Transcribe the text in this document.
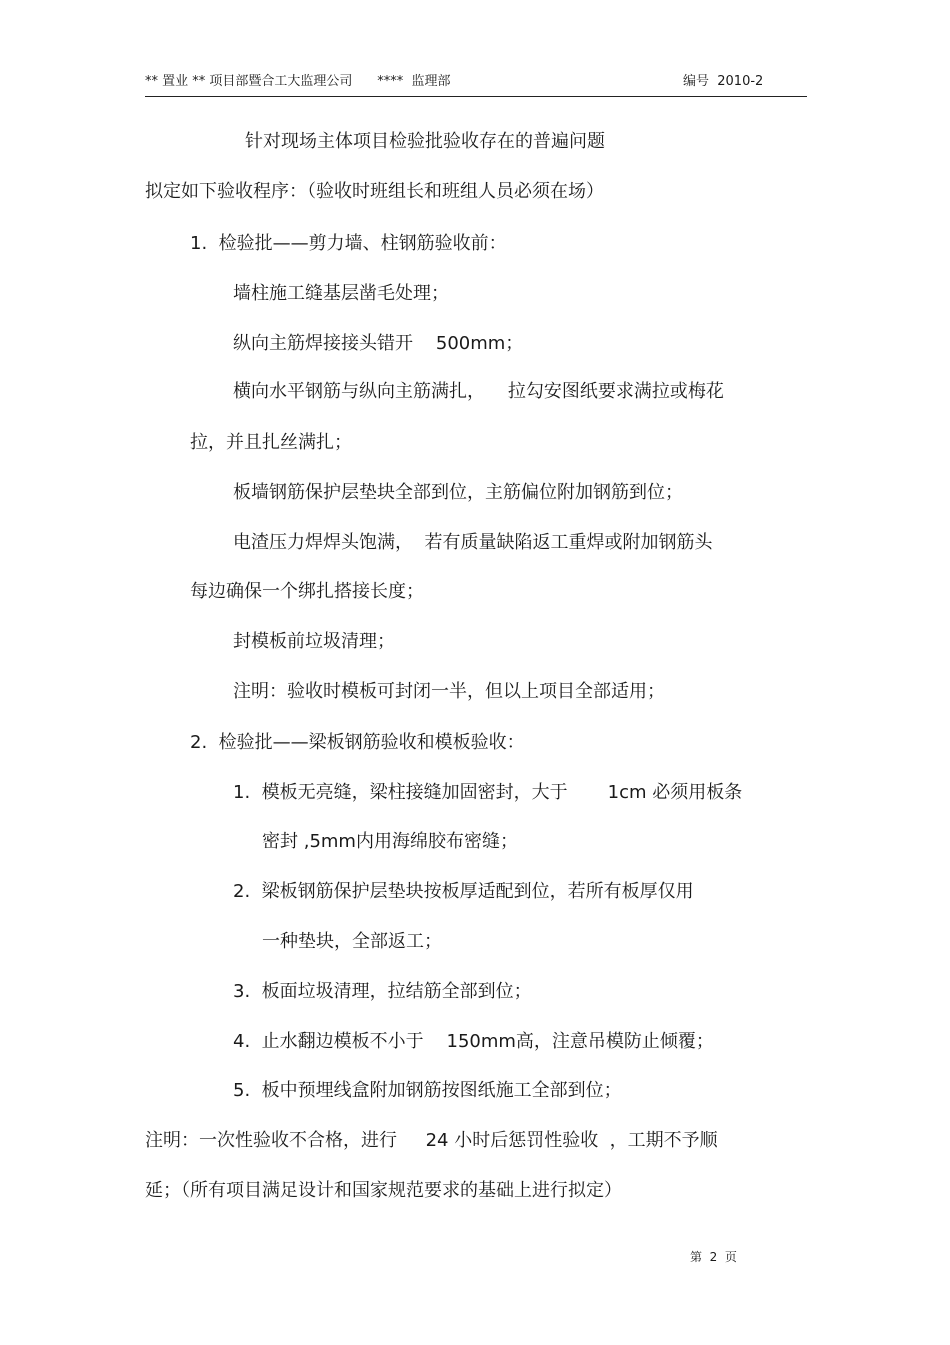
** 置业 ** 项目部暨合工大监理公司      ****  监理部	编号  2010-2
针对现场主体项目检验批验收存在的普遍问题
拟定如下验收程序：（验收时班组长和班组人员必须在场）
1.  检验批——剪力墙、柱钢筋验收前：
墙柱施工缝基层凿毛处理；
纵向主筋焊接接头错开    500mm；
横向水平钢筋与纵向主筋满扎，    拉勾安图纸要求满拉或梅花
拉，并且扎丝满扎；
板墙钢筋保护层垫块全部到位，主筋偏位附加钢筋到位；
电渣压力焊焊头饱满，  若有质量缺陷返工重焊或附加钢筋头
每边确保一个绑扎搭接长度；
封模板前垃圾清理；
注明：验收时模板可封闭一半，但以上项目全部适用；
2.  检验批——梁板钢筋验收和模板验收：
1.  模板无亮缝，梁柱接缝加固密封，大于       1cm 必须用板条
密封 ,5mm内用海绵胶布密缝；
2.  梁板钢筋保护层垫块按板厚适配到位，若所有板厚仅用
一种垫块，全部返工；
3.  板面垃圾清理，拉结筋全部到位；
4.  止水翻边模板不小于    150mm高，注意吊模防止倾覆；
5.  板中预埋线盒附加钢筋按图纸施工全部到位；
注明：一次性验收不合格，进行     24 小时后惩罚性验收  ，工期不予顺
延；（所有项目满足设计和国家规范要求的基础上进行拟定）
第  2  页
